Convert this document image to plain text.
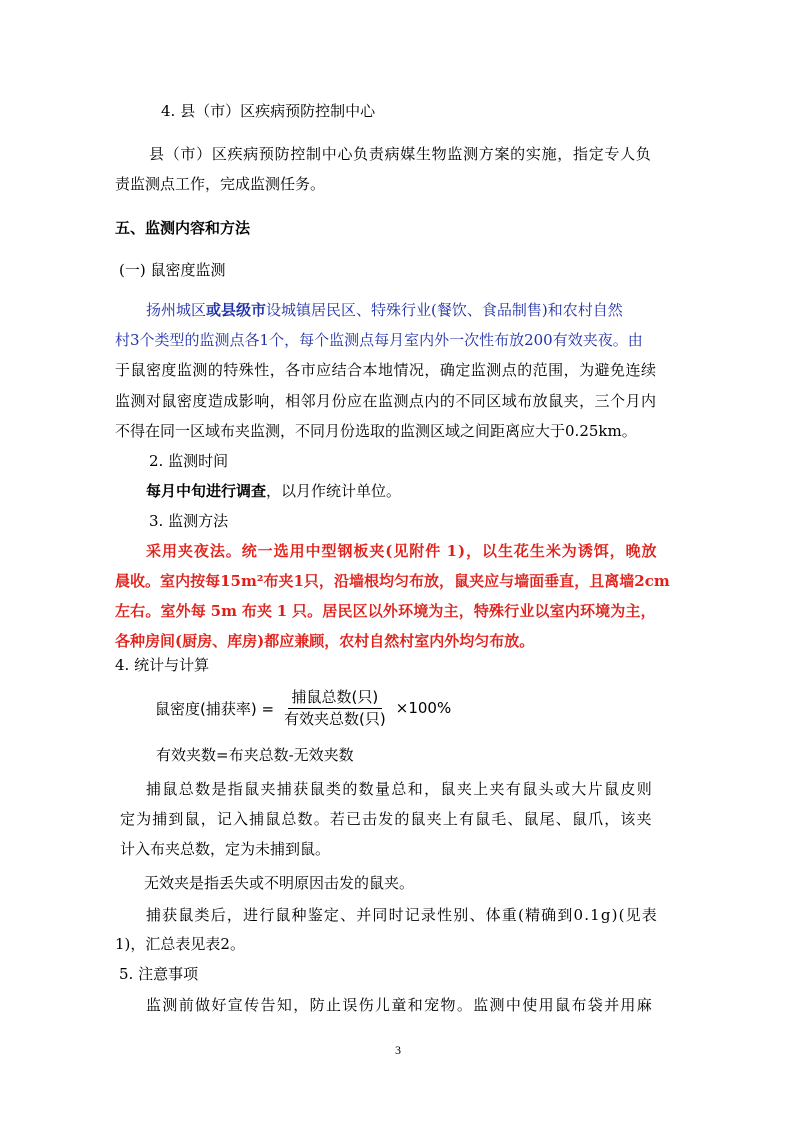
4. 县（市）区疾病预防控制中心
县 （ 市 ） 区 疾 病 预 防 控 制 中 心 负 责 病 媒 生 物 监 测 方 案 的 实 施 ， 指 定 专 人 负
责监测点工作，完成监测任务。
五、监测内容和方法
(一) 鼠密度监测
扬州城区或县级市设城镇居民区、特殊行业(餐饮、食品制售)和农村自然
村3个类型的监测点各1个，每个监测点每月室内外一次性布放200有效夹夜。由
于 鼠 密 度 监 测 的 特 殊 性 ， 各 市 应 结 合 本 地 情 况 ， 确 定 监 测 点 的 范 围 ， 为 避 免 连 续
监 测 对 鼠 密 度 造 成 影 响 ， 相 邻 月 份 应 在 监 测 点 内 的 不 同 区 域 布 放 鼠 夹 ， 三 个 月 内
不得在同一区域布夹监测，不同月份选取的监测区域之间距离应大于0.25km。
2. 监测时间
每月中旬进行调查，以月作统计单位。
3. 监测方法
采 用 夹 夜 法 。 统 一 选 用 中 型 钢 板 夹 ( 见 附 件 1 ) ， 以 生 花 生 米 为 诱 饵 ， 晚 放
晨 收 。 室 内 按 每 1 5 m ² 布 夹 1 只 ， 沿 墙 根 均 匀 布 放 ， 鼠 夹 应 与 墙 面 垂 直 ， 且 离 墙 2 c m
左 右 。 室 外 每 5 m 布 夹 1 只 。 居 民 区 以 外 环 境 为 主 ， 特 殊 行 业 以 室 内 环 境 为 主 ，
各种房间(厨房、库房)都应兼顾，农村自然村室内外均匀布放。
4. 统计与计算
鼠密度(捕获率) = $\frac{\text{捕鼠总数(只)}}{\text{有效夹总数(只)}} \times 100\%$
有效夹数=布夹总数-无效夹数
捕 鼠 总 数 是 指 鼠 夹 捕 获 鼠 类 的 数 量 总 和 ， 鼠 夹 上 夹 有 鼠 头 或 大 片 鼠 皮 则
定 为 捕 到 鼠 ， 记 入 捕 鼠 总 数 。 若 已 击 发 的 鼠 夹 上 有 鼠 毛 、 鼠 尾 、 鼠 爪 ， 该 夹
计入布夹总数，定为未捕到鼠。
无效夹是指丢失或不明原因击发的鼠夹。
捕 获 鼠 类 后 ， 进 行 鼠 种 鉴 定 、 并 同 时 记 录 性 别 、 体 重 ( 精 确 到 0 . 1 g ) ( 见 表
1)，汇总表见表2。
5. 注意事项
监 测 前 做 好 宣 传 告 知 ， 防 止 误 伤 儿 童 和 宠 物 。 监 测 中 使 用 鼠 布 袋 并 用 麻
3
